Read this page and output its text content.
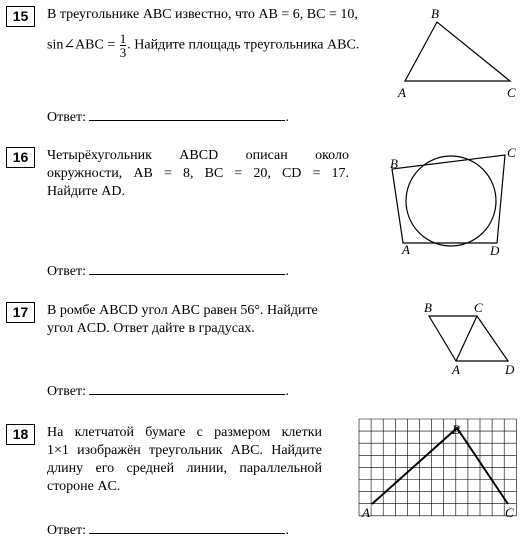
15	В треугольнике ABC известно, что AB = 6, BC = 10,
sin∠ABC = $\frac{1}{3}$ . Найдите площадь треугольника ABC.
A
B
C
Ответ:	.
16	Четырёхугольник ABCD описан около
окружности, AB = 8, BC = 20, CD = 17.
Найдите AD.
A
B
C
D
Ответ:	.
17	В ромбе ABCD угол ABC равен 56°. Найдите
угол ACD. Ответ дайте в градусах.
A
B	C
D
Ответ:	.
18	На клетчатой бумаге с размером клетки
1×1 изображён треугольник ABC. Найдите
длину его средней линии, параллельной
стороне AC.
A
B
C
Ответ:	.
